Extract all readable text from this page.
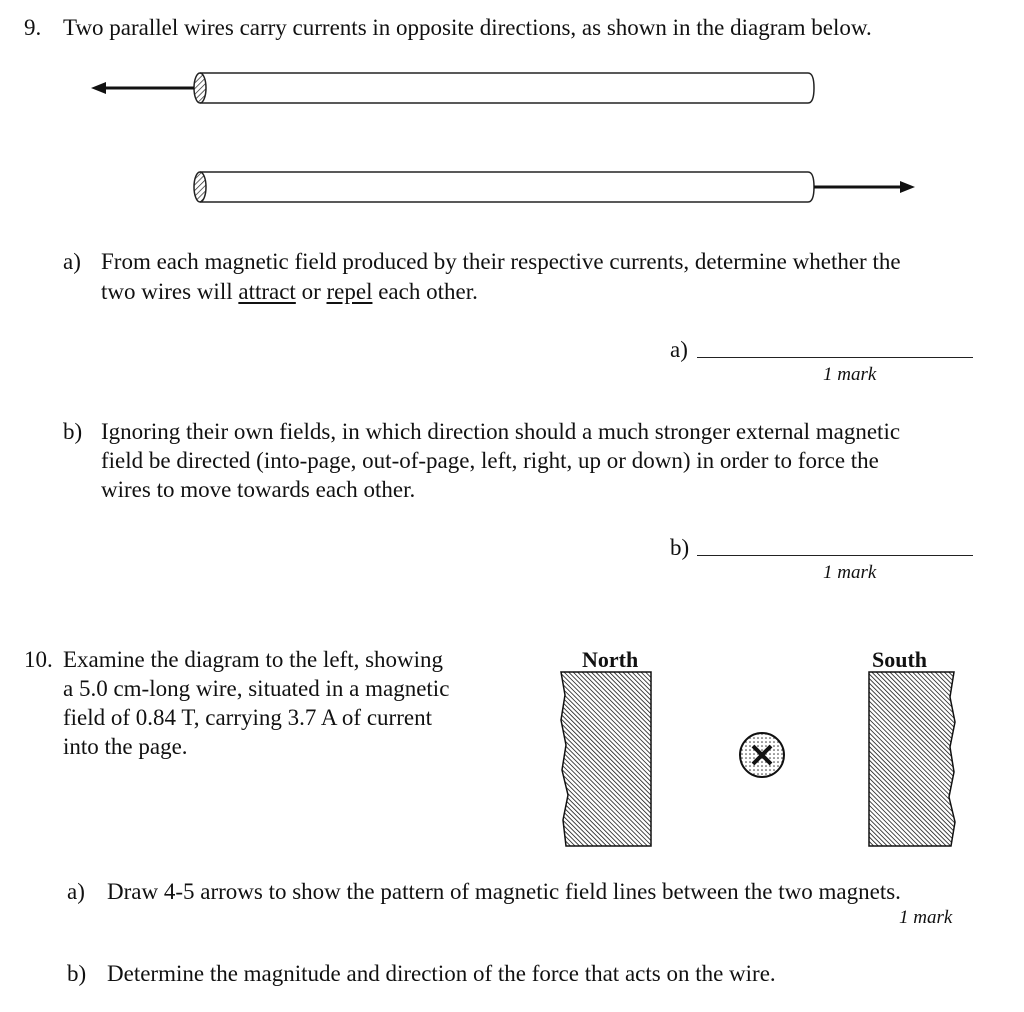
9. Two parallel wires carry currents in opposite directions, as shown in the diagram below.
a) From each magnetic field produced by their respective currents, determine whether the
two wires will attract or repel each other.
a)
1 mark
b) Ignoring their own fields, in which direction should a much stronger external magnetic
field be directed (into-page, out-of-page, left, right, up or down) in order to force the
wires to move towards each other.
b)
1 mark
10. Examine the diagram to the left, showing
a 5.0 cm-long wire, situated in a magnetic
field of 0.84 T, carrying 3.7 A of current
into the page.
North	South
a) Draw 4-5 arrows to show the pattern of magnetic field lines between the two magnets.
1 mark
b) Determine the magnitude and direction of the force that acts on the wire.
